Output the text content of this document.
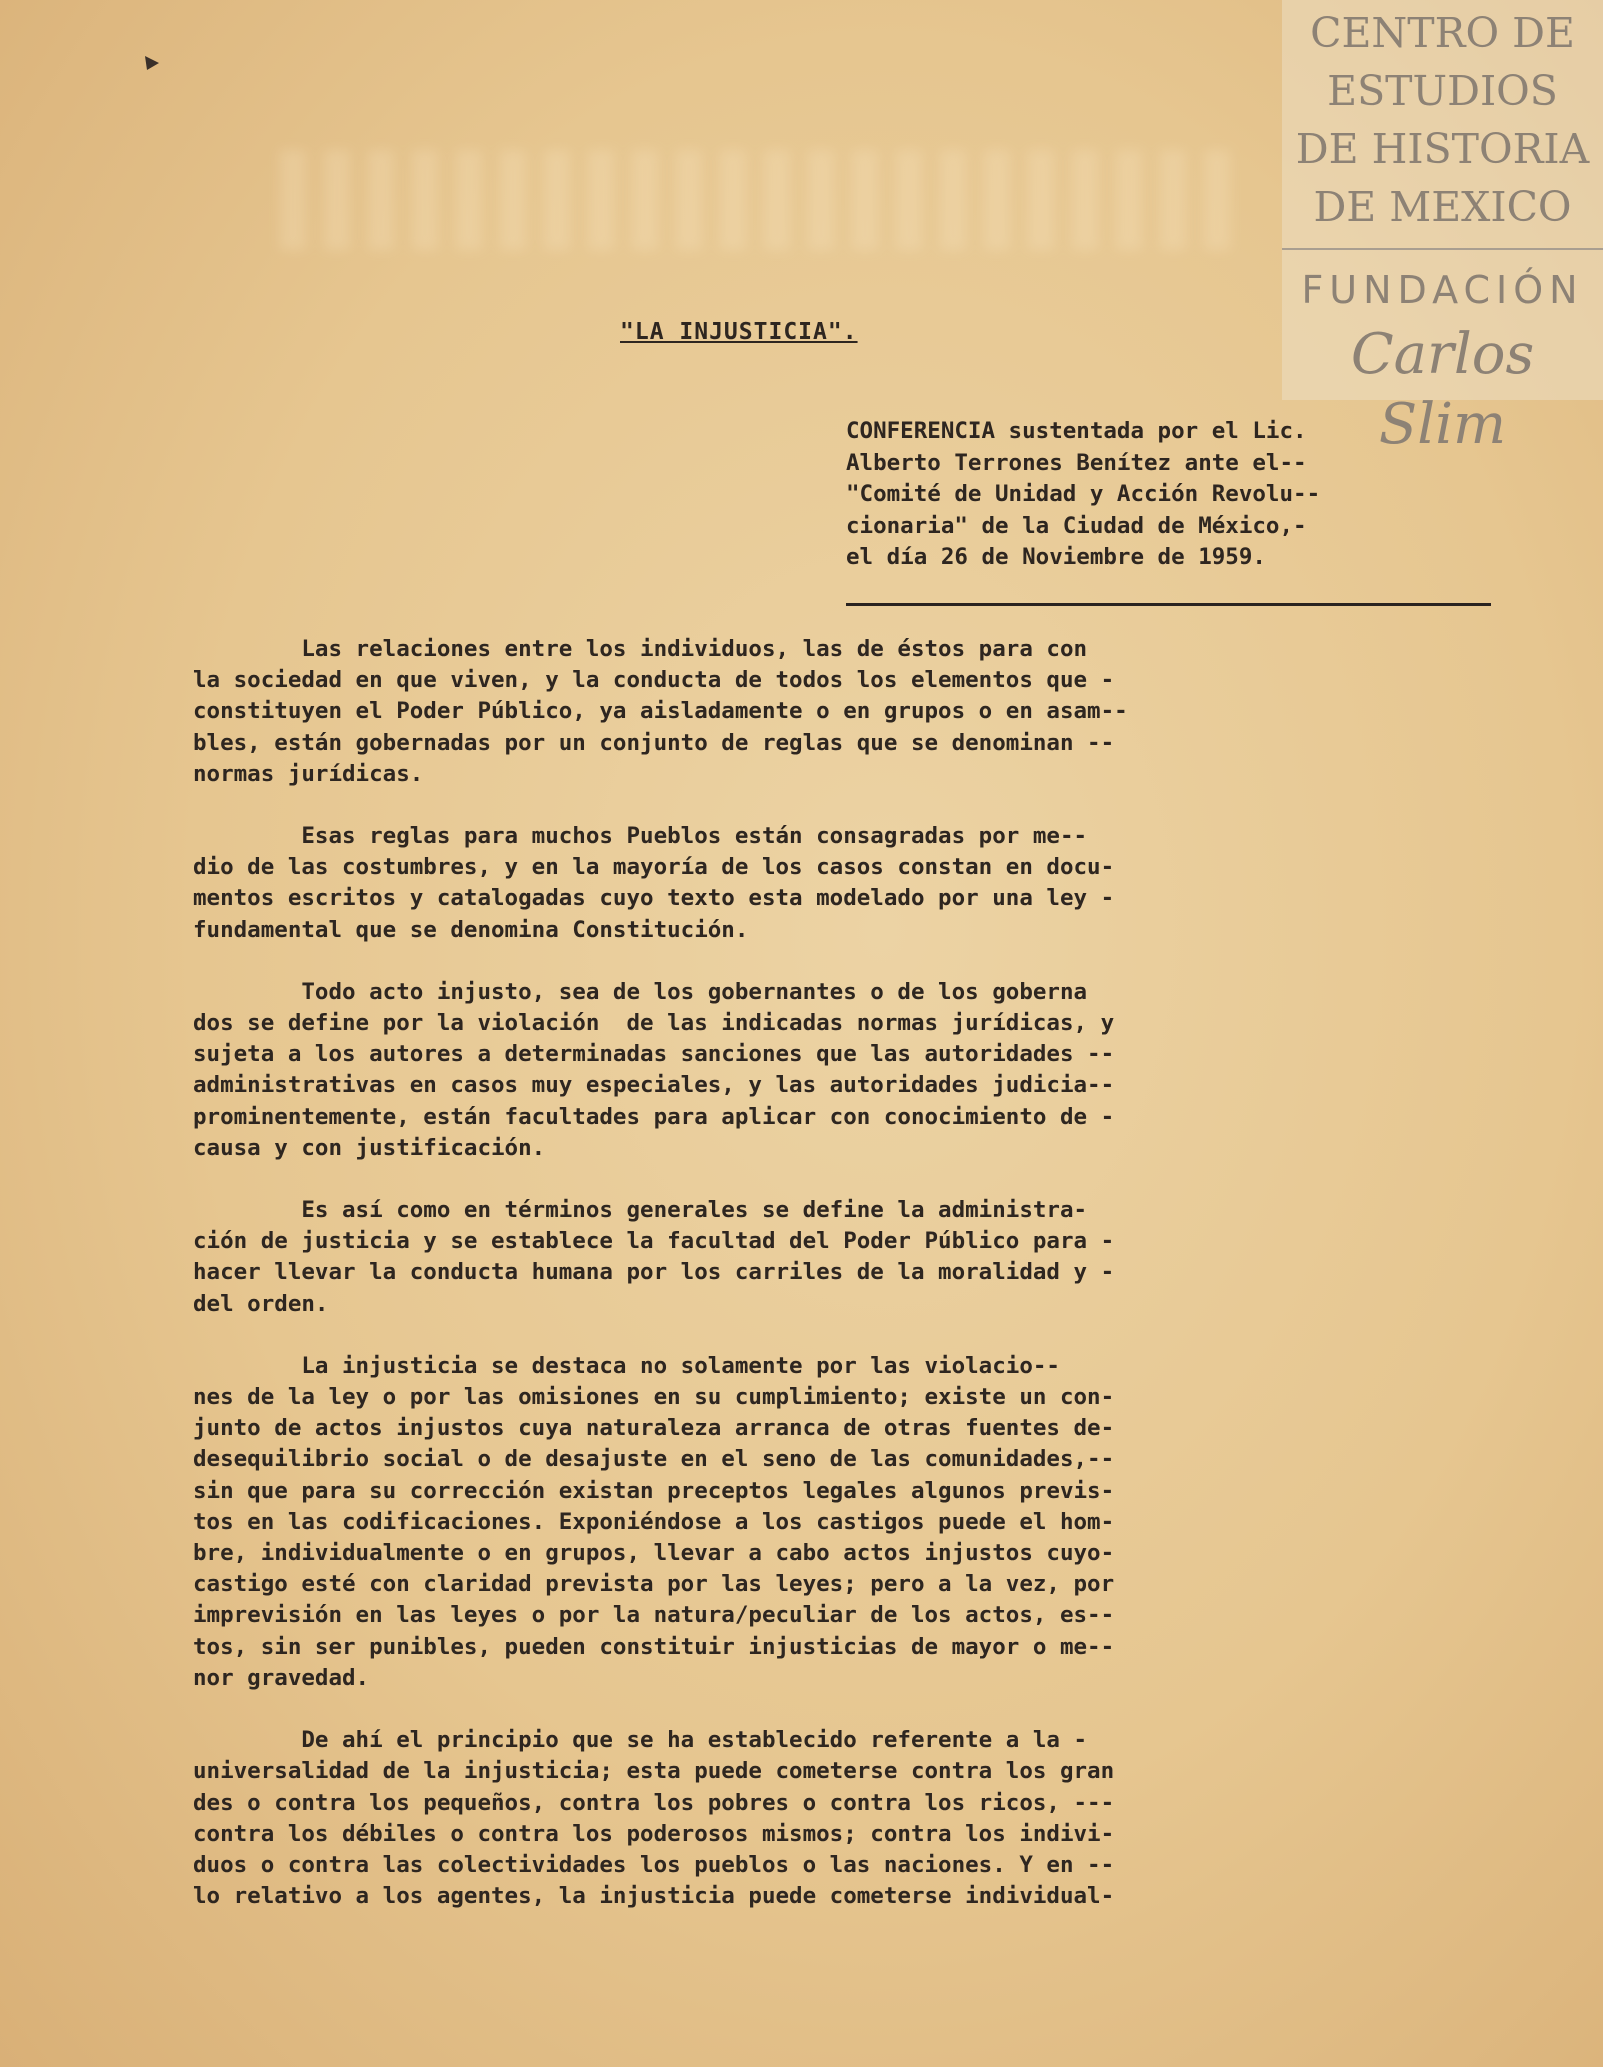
CENTRO DE
ESTUDIOS
DE HISTORIA
DE MEXICO
FUNDACIÓN
Carlos Slim
"LA INJUSTICIA".
CONFERENCIA sustentada por el Lic.
Alberto Terrones Benítez ante el--
"Comité de Unidad y Acción Revolu--
cionaria" de la Ciudad de México,-
el día 26 de Noviembre de 1959.
Las relaciones entre los individuos, las de éstos para con
la sociedad en que viven, y la conducta de todos los elementos que -
constituyen el Poder Público, ya aisladamente o en grupos o en asam--
bles, están gobernadas por un conjunto de reglas que se denominan --
normas jurídicas.
Esas reglas para muchos Pueblos están consagradas por me--
dio de las costumbres, y en la mayoría de los casos constan en docu-
mentos escritos y catalogadas cuyo texto esta modelado por una ley -
fundamental que se denomina Constitución.
Todo acto injusto, sea de los gobernantes o de los goberna
dos se define por la violación  de las indicadas normas jurídicas, y
sujeta a los autores a determinadas sanciones que las autoridades --
administrativas en casos muy especiales, y las autoridades judicia--
prominentemente, están facultades para aplicar con conocimiento de -
causa y con justificación.
Es así como en términos generales se define la administra-
ción de justicia y se establece la facultad del Poder Público para -
hacer llevar la conducta humana por los carriles de la moralidad y -
del orden.
La injusticia se destaca no solamente por las violacio--
nes de la ley o por las omisiones en su cumplimiento; existe un con-
junto de actos injustos cuya naturaleza arranca de otras fuentes de-
desequilibrio social o de desajuste en el seno de las comunidades,--
sin que para su corrección existan preceptos legales algunos previs-
tos en las codificaciones. Exponiéndose a los castigos puede el hom-
bre, individualmente o en grupos, llevar a cabo actos injustos cuyo-
castigo esté con claridad prevista por las leyes; pero a la vez, por
imprevisión en las leyes o por la natura/peculiar de los actos, es--
tos, sin ser punibles, pueden constituir injusticias de mayor o me--
nor gravedad.
De ahí el principio que se ha establecido referente a la -
universalidad de la injusticia; esta puede cometerse contra los gran
des o contra los pequeños, contra los pobres o contra los ricos, ---
contra los débiles o contra los poderosos mismos; contra los indivi-
duos o contra las colectividades los pueblos o las naciones. Y en --
lo relativo a los agentes, la injusticia puede cometerse individual-
